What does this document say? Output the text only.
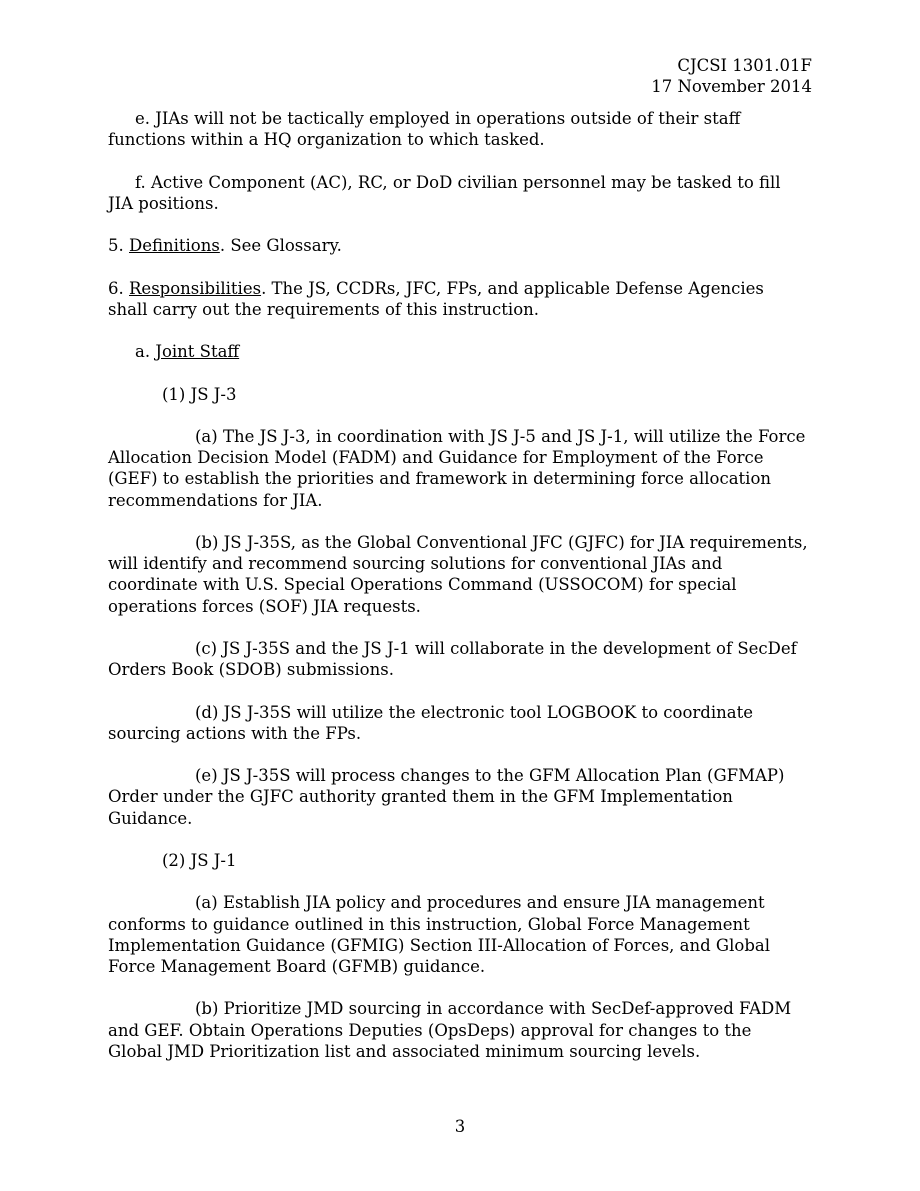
CJCSI 1301.01F
17 November 2014

e. JIAs will not be tactically employed in operations outside of their staff functions within a HQ organization to which tasked.

f. Active Component (AC), RC, or DoD civilian personnel may be tasked to fill JIA positions.

5. Definitions. See Glossary.

6. Responsibilities. The JS, CCDRs, JFC, FPs, and applicable Defense Agencies shall carry out the requirements of this instruction.

a. Joint Staff

(1) JS J-3

(a) The JS J-3, in coordination with JS J-5 and JS J-1, will utilize the Force Allocation Decision Model (FADM) and Guidance for Employment of the Force (GEF) to establish the priorities and framework in determining force allocation recommendations for JIA.

(b) JS J-35S, as the Global Conventional JFC (GJFC) for JIA requirements, will identify and recommend sourcing solutions for conventional JIAs and coordinate with U.S. Special Operations Command (USSOCOM) for special operations forces (SOF) JIA requests.

(c) JS J-35S and the JS J-1 will collaborate in the development of SecDef Orders Book (SDOB) submissions.

(d) JS J-35S will utilize the electronic tool LOGBOOK to coordinate sourcing actions with the FPs.

(e) JS J-35S will process changes to the GFM Allocation Plan (GFMAP) Order under the GJFC authority granted them in the GFM Implementation Guidance.

(2) JS J-1

(a) Establish JIA policy and procedures and ensure JIA management conforms to guidance outlined in this instruction, Global Force Management Implementation Guidance (GFMIG) Section III-Allocation of Forces, and Global Force Management Board (GFMB) guidance.

(b) Prioritize JMD sourcing in accordance with SecDef-approved FADM and GEF. Obtain Operations Deputies (OpsDeps) approval for changes to the Global JMD Prioritization list and associated minimum sourcing levels.

3
